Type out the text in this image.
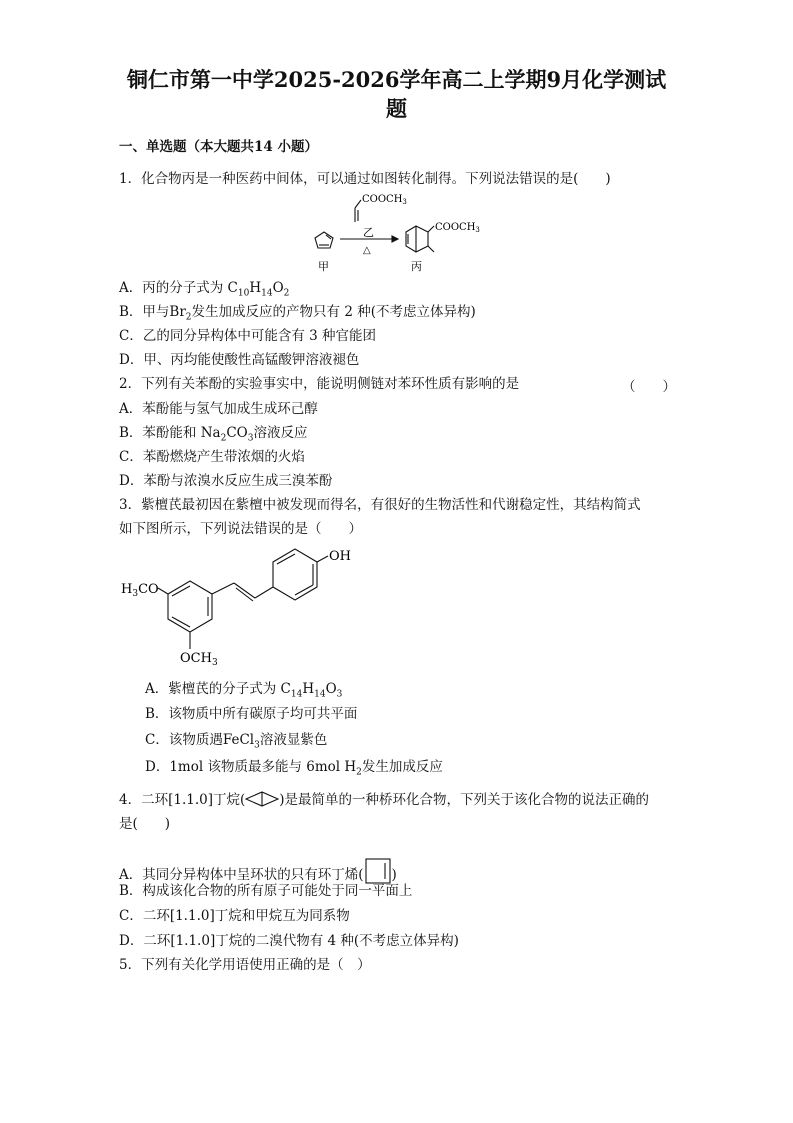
铜仁市第一中学2025-2026学年高二上学期9月化学测试
题
一、单选题（本大题共14 小题）
1．化合物丙是一种医药中间体，可以通过如图转化制得。下列说法错误的是(　　)
乙
△
$COOCH_3$
$COOCH_3$
甲	丙
A．丙的分子式为 $C_{10}H_{14}O_2$
B．甲与$Br_2$发生加成反应的产物只有 2 种(不考虑立体异构)
C．乙的同分异构体中可能含有 3 种官能团
D．甲、丙均能使酸性高锰酸钾溶液褪色
2．下列有关苯酚的实验事实中，能说明侧链对苯环性质有影响的是	（　　）
A．苯酚能与氢气加成生成环己醇
B．苯酚能和 $Na_2CO_3$溶液反应
C．苯酚燃烧产生带浓烟的火焰
D．苯酚与浓溴水反应生成三溴苯酚
3．紫檀芪最初因在紫檀中被发现而得名，有很好的生物活性和代谢稳定性，其结构简式
如下图所示，下列说法错误的是（　　）
OH
$H_3CO$
$OCH_3$
A．紫檀芪的分子式为 $C_{14}H_{14}O_3$
B．该物质中所有碳原子均可共平面
C．该物质遇FeCl$_3$溶液显紫色
D．1mol 该物质最多能与 6mol $H_2$发生加成反应
4．二环[1.1.0]丁烷(	)是最简单的一种桥环化合物，下列关于该化合物的说法正确的
是(　　)
A．其同分异构体中呈环状的只有环丁烯( )
B．构成该化合物的所有原子可能处于同一平面上
C．二环[1.1.0]丁烷和甲烷互为同系物
D．二环[1.1.0]丁烷的二溴代物有 4 种(不考虑立体异构)
5．下列有关化学用语使用正确的是（　）
